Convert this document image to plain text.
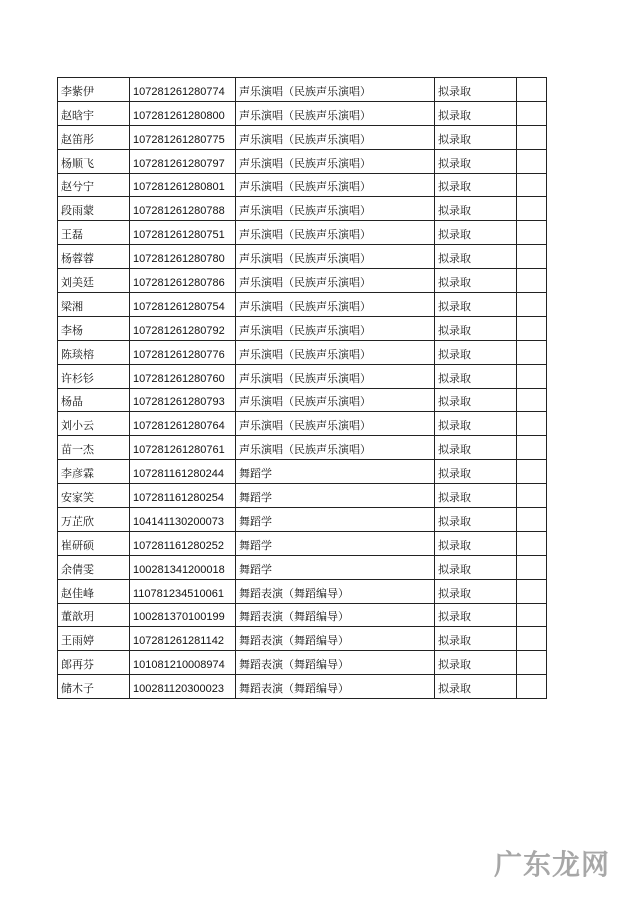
李紫伊	107281261280774	声乐演唱（民族声乐演唱）	拟录取	
赵晗宇	107281261280800	声乐演唱（民族声乐演唱）	拟录取	
赵笛彤	107281261280775	声乐演唱（民族声乐演唱）	拟录取	
杨顺飞	107281261280797	声乐演唱（民族声乐演唱）	拟录取	
赵兮宁	107281261280801	声乐演唱（民族声乐演唱）	拟录取	
段雨蒙	107281261280788	声乐演唱（民族声乐演唱）	拟录取	
王磊	107281261280751	声乐演唱（民族声乐演唱）	拟录取	
杨蓉蓉	107281261280780	声乐演唱（民族声乐演唱）	拟录取	
刘美廷	107281261280786	声乐演唱（民族声乐演唱）	拟录取	
梁湘	107281261280754	声乐演唱（民族声乐演唱）	拟录取	
李杨	107281261280792	声乐演唱（民族声乐演唱）	拟录取	
陈琰榕	107281261280776	声乐演唱（民族声乐演唱）	拟录取	
许杉钐	107281261280760	声乐演唱（民族声乐演唱）	拟录取	
杨晶	107281261280793	声乐演唱（民族声乐演唱）	拟录取	
刘小云	107281261280764	声乐演唱（民族声乐演唱）	拟录取	
苗一杰	107281261280761	声乐演唱（民族声乐演唱）	拟录取	
李彦霖	107281161280244	舞蹈学	拟录取	
安家笑	107281161280254	舞蹈学	拟录取	
万芷欣	104141130200073	舞蹈学	拟录取	
崔研硕	107281161280252	舞蹈学	拟录取	
余倩雯	100281341200018	舞蹈学	拟录取	
赵佳峰	110781234510061	舞蹈表演（舞蹈编导）	拟录取	
董歆玥	100281370100199	舞蹈表演（舞蹈编导）	拟录取	
王雨婷	107281261281142	舞蹈表演（舞蹈编导）	拟录取	
郎再芬	101081210008974	舞蹈表演（舞蹈编导）	拟录取	
储木子	100281120300023	舞蹈表演（舞蹈编导）	拟录取	
广东龙网
